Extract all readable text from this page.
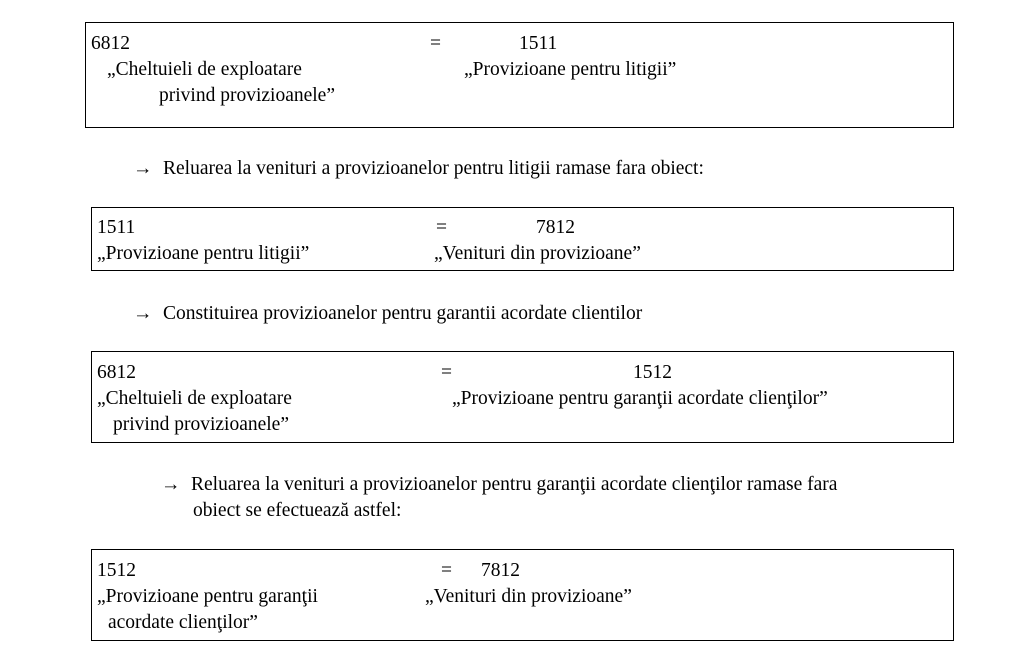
6812	=	1511
„Cheltuieli de exploatare	„Provizioane pentru litigii”
privind provizioanele”
→ Reluarea la venituri a provizioanelor pentru litigii ramase fara obiect:
1511	=	7812
„Provizioane pentru litigii”	„Venituri din provizioane”
→ Constituirea provizioanelor pentru garantii acordate clientilor
6812	=	1512
„Cheltuieli de exploatare	„Provizioane pentru garanţii acordate clienţilor”
privind provizioanele”
→ Reluarea la venituri a provizioanelor pentru garanţii acordate clienţilor ramase fara
obiect se efectuează astfel:
1512	= 7812
„Provizioane pentru garanţii	„Venituri din provizioane”
acordate clienţilor”
